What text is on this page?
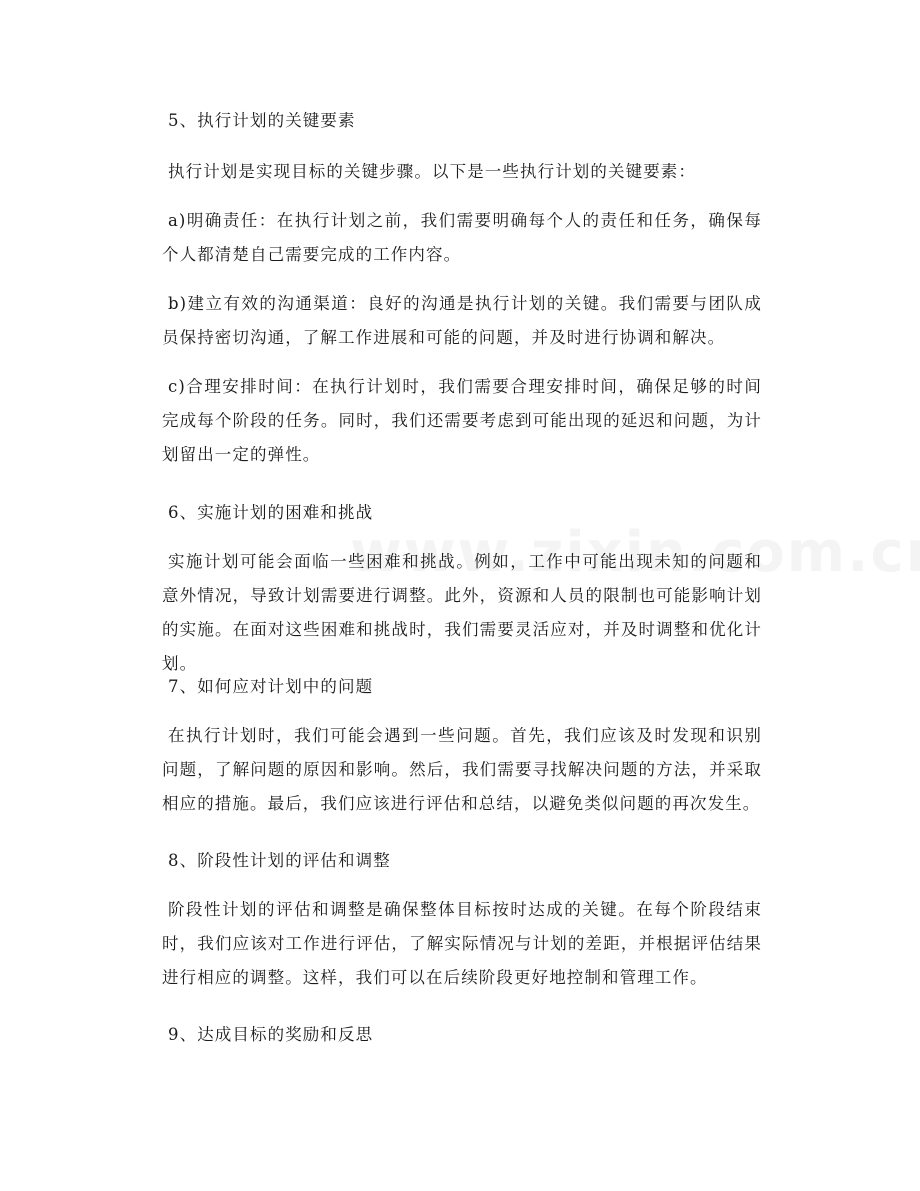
5、执行计划的关键要素
执行计划是实现目标的关键步骤。以下是一些执行计划的关键要素：
a)明确责任：在执行计划之前，我们需要明确每个人的责任和任务，确保每个人都清楚自己需要完成的工作内容。
b)建立有效的沟通渠道：良好的沟通是执行计划的关键。我们需要与团队成员保持密切沟通，了解工作进展和可能的问题，并及时进行协调和解决。
c)合理安排时间：在执行计划时，我们需要合理安排时间，确保足够的时间完成每个阶段的任务。同时，我们还需要考虑到可能出现的延迟和问题，为计划留出一定的弹性。
6、实施计划的困难和挑战
实施计划可能会面临一些困难和挑战。例如，工作中可能出现未知的问题和意外情况，导致计划需要进行调整。此外，资源和人员的限制也可能影响计划的实施。在面对这些困难和挑战时，我们需要灵活应对，并及时调整和优化计划。
7、如何应对计划中的问题
在执行计划时，我们可能会遇到一些问题。首先，我们应该及时发现和识别问题，了解问题的原因和影响。然后，我们需要寻找解决问题的方法，并采取相应的措施。最后，我们应该进行评估和总结，以避免类似问题的再次发生。
8、阶段性计划的评估和调整
阶段性计划的评估和调整是确保整体目标按时达成的关键。在每个阶段结束时，我们应该对工作进行评估，了解实际情况与计划的差距，并根据评估结果进行相应的调整。这样，我们可以在后续阶段更好地控制和管理工作。
9、达成目标的奖励和反思
